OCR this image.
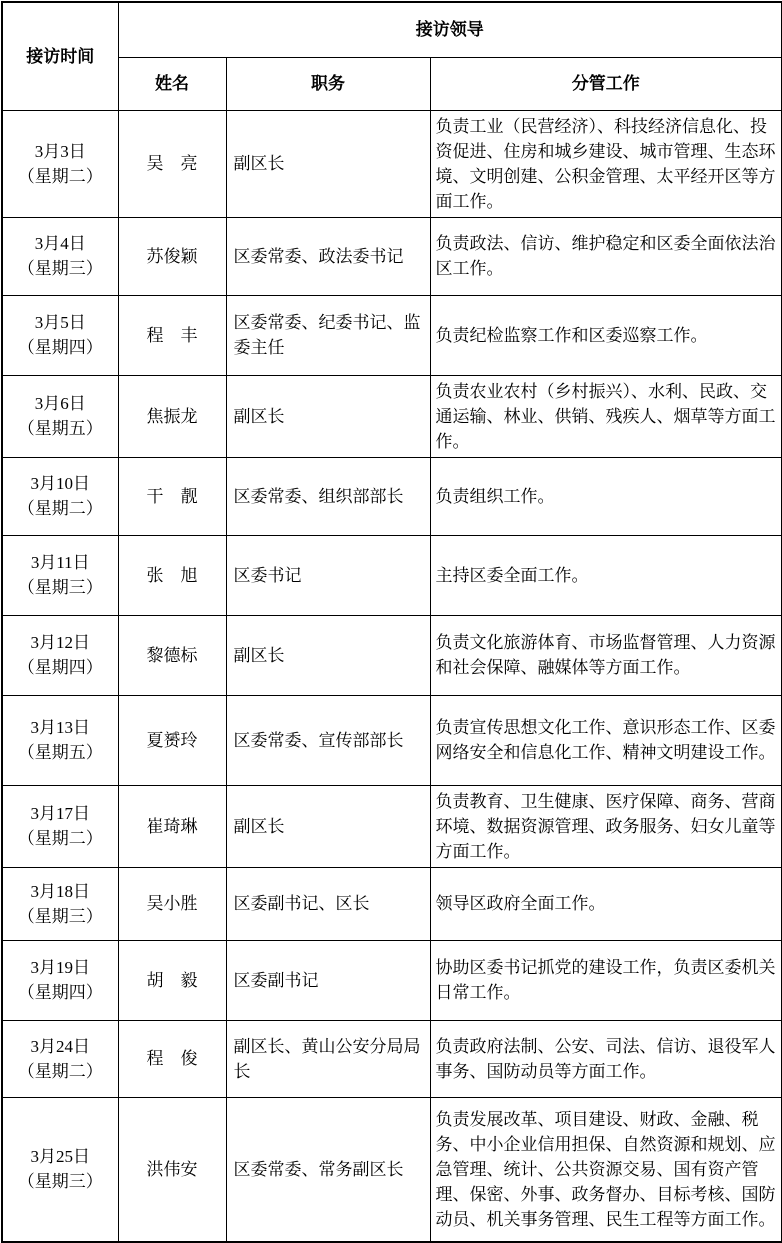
接访时间	接访领导		
	姓名	职务	分管工作

3月3日
（星期二）	吴　亮	副区长	负责工业（民营经济）、科技经济信息化、投资促进、住房和城乡建设、城市管理、生态环境、文明创建、公积金管理、太平经开区等方面工作。

3月4日
（星期三）	苏俊颖	区委常委、政法委书记	负责政法、信访、维护稳定和区委全面依法治区工作。

3月5日
（星期四）	程　丰	区委常委、纪委书记、监委主任	负责纪检监察工作和区委巡察工作。

3月6日
（星期五）	焦振龙	副区长	负责农业农村（乡村振兴）、水利、民政、交通运输、林业、供销、残疾人、烟草等方面工作。

3月10日
（星期二）	干　靓	区委常委、组织部部长	负责组织工作。

3月11日
（星期三）	张　旭	区委书记	主持区委全面工作。

3月12日
（星期四）	黎德标	副区长	负责文化旅游体育、市场监督管理、人力资源和社会保障、融媒体等方面工作。

3月13日
（星期五）	夏赟玲	区委常委、宣传部部长	负责宣传思想文化工作、意识形态工作、区委网络安全和信息化工作、精神文明建设工作。

3月17日
（星期二）	崔琦琳	副区长	负责教育、卫生健康、医疗保障、商务、营商环境、数据资源管理、政务服务、妇女儿童等方面工作。

3月18日
（星期三）	吴小胜	区委副书记、区长	领导区政府全面工作。

3月19日
（星期四）	胡　毅	区委副书记	协助区委书记抓党的建设工作，负责区委机关日常工作。

3月24日
（星期二）	程　俊	副区长、黄山公安分局局长	负责政府法制、公安、司法、信访、退役军人事务、国防动员等方面工作。

3月25日
（星期三）	洪伟安	区委常委、常务副区长	负责发展改革、项目建设、财政、金融、税务、中小企业信用担保、自然资源和规划、应急管理、统计、公共资源交易、国有资产管理、保密、外事、政务督办、目标考核、国防动员、机关事务管理、民生工程等方面工作。
